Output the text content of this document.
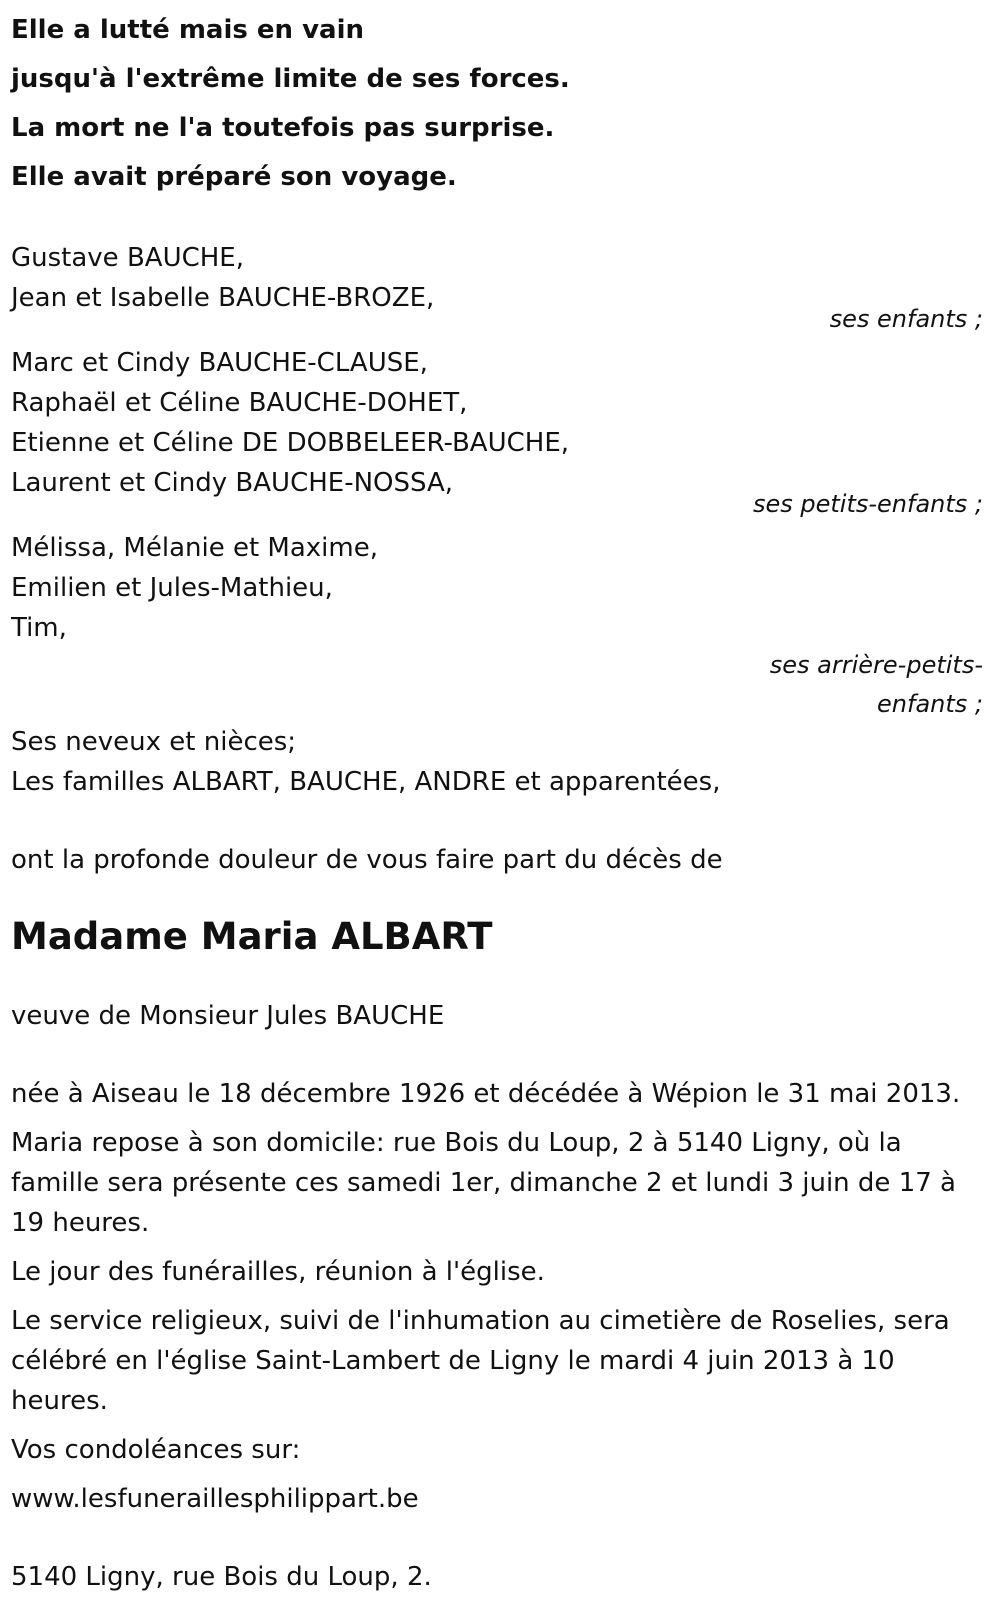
Elle a lutté mais en vain
jusqu'à l'extrême limite de ses forces.
La mort ne l'a toutefois pas surprise.
Elle avait préparé son voyage.
Gustave BAUCHE,
Jean et Isabelle BAUCHE-BROZE,
ses enfants ;
Marc et Cindy BAUCHE-CLAUSE,
Raphaël et Céline BAUCHE-DOHET,
Etienne et Céline DE DOBBELEER-BAUCHE,
Laurent et Cindy BAUCHE-NOSSA,
ses petits-enfants ;
Mélissa, Mélanie et Maxime,
Emilien et Jules-Mathieu,
Tim,
ses arrière-petits-
enfants ;
Ses neveux et nièces;
Les familles ALBART, BAUCHE, ANDRE et apparentées,
ont la profonde douleur de vous faire part du décès de
Madame Maria ALBART
veuve de Monsieur Jules BAUCHE
née à Aiseau le 18 décembre 1926 et décédée à Wépion le 31 mai 2013.
Maria repose à son domicile: rue Bois du Loup, 2 à 5140 Ligny, où la famille sera présente ces samedi 1er, dimanche 2 et lundi 3 juin de 17 à 19 heures.
Le jour des funérailles, réunion à l'église.
Le service religieux, suivi de l'inhumation au cimetière de Roselies, sera célébré en l'église Saint-Lambert de Ligny le mardi 4 juin 2013 à 10 heures.
Vos condoléances sur:
www.lesfuneraillesphilippart.be
5140 Ligny, rue Bois du Loup, 2.
